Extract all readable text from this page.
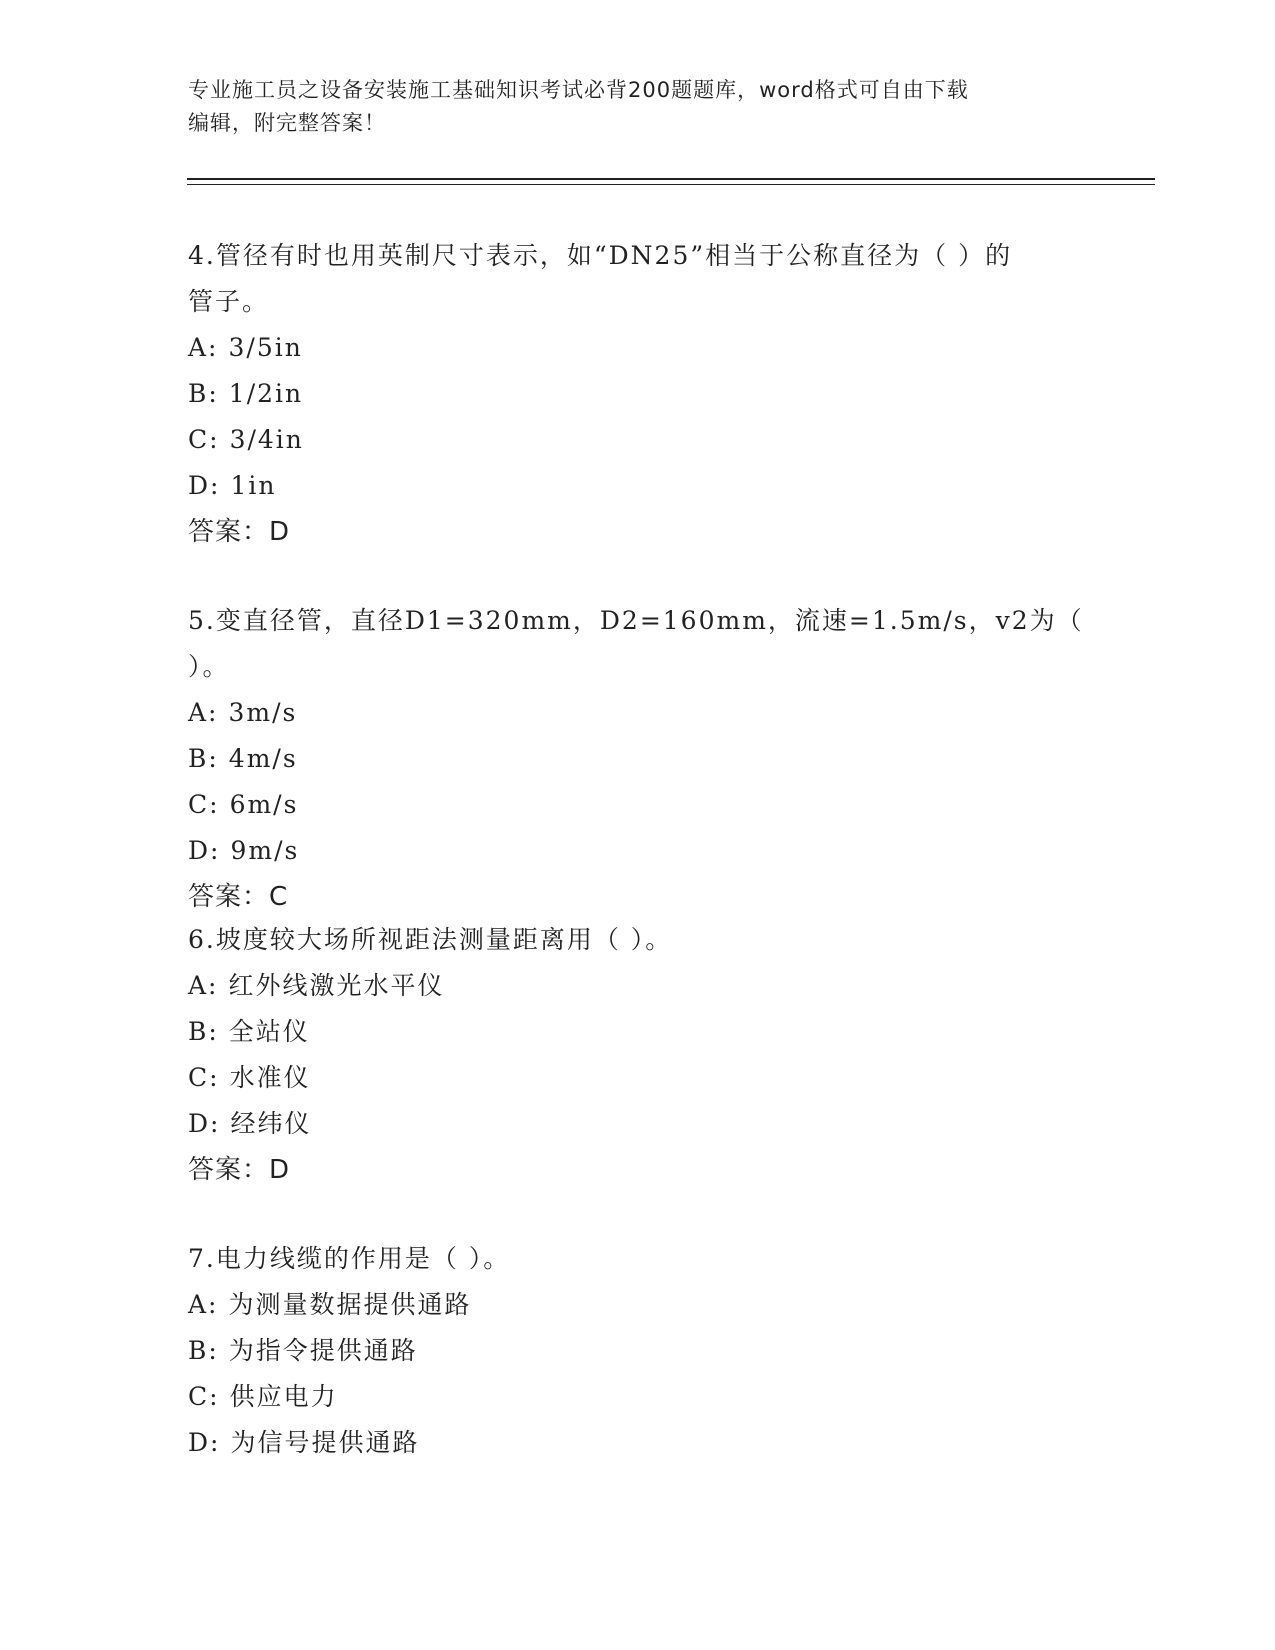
专业施工员之设备安装施工基础知识考试必背200题题库，word格式可自由下载
编辑，附完整答案！

4.管径有时也用英制尺寸表示，如“DN25”相当于公称直径为（ ）的

管子。

A: 3/5in

B: 1/2in

C: 3/4in

D: 1in

答案：D

5.变直径管，直径D1=320mm，D2=160mm，流速=1.5m/s，v2为（ ）。

A: 3m/s

B: 4m/s

C: 6m/s

D: 9m/s

答案：C

6.坡度较大场所视距法测量距离用（ ）。

A: 红外线激光水平仪

B: 全站仪

C: 水准仪

D: 经纬仪

答案：D

7.电力线缆的作用是（ ）。

A: 为测量数据提供通路

B: 为指令提供通路

C: 供应电力

D: 为信号提供通路
